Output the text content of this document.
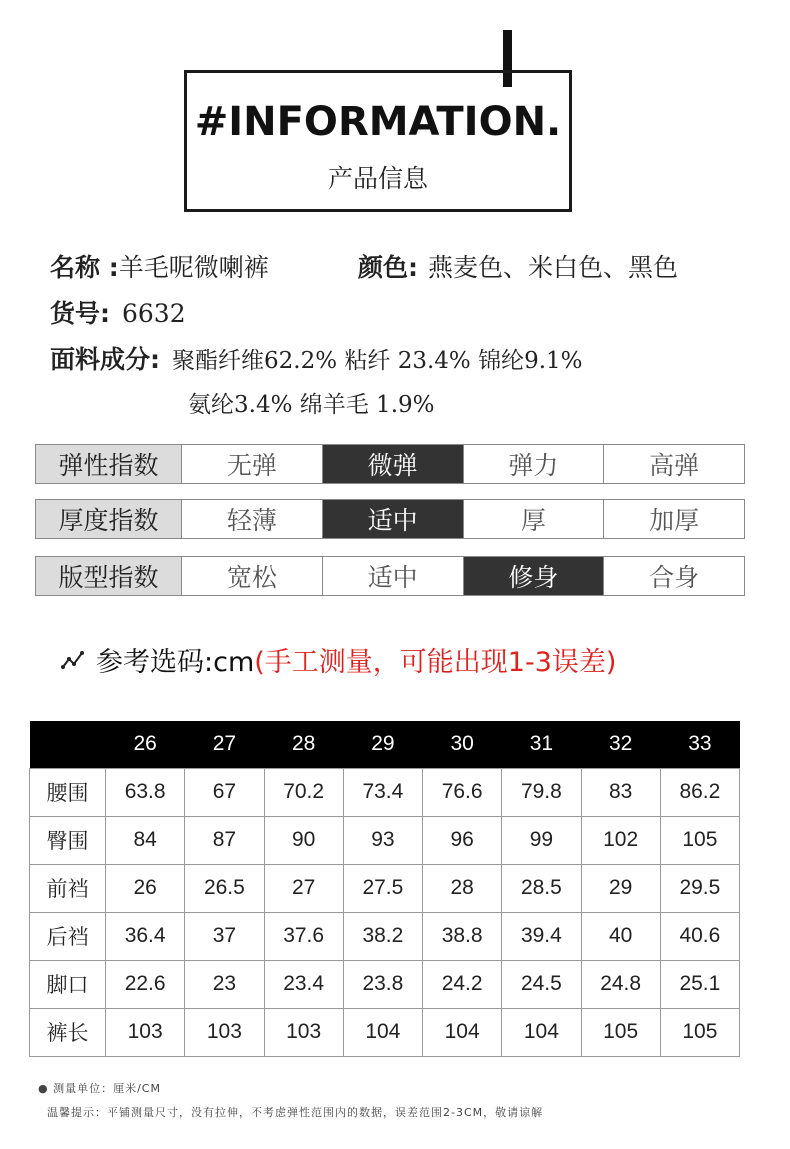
#INFORMATION.
产品信息
名称 :羊毛呢微喇裤	颜色: 燕麦色、米白色、黑色
货号: 6632
面料成分: 聚酯纤维62.2% 粘纤 23.4% 锦纶9.1%
氨纶3.4% 绵羊毛 1.9%
弹性指数	无弹	微弹	弹力	高弹
厚度指数	轻薄	适中	厚	加厚
版型指数	宽松	适中	修身	合身
参考选码:cm (手工测量，可能出现1-3误差)
	26	27	28	29	30	31	32	33
腰围	63.8	67	70.2	73.4	76.6	79.8	83	86.2
臀围	84	87	90	93	96	99	102	105
前裆	26	26.5	27	27.5	28	28.5	29	29.5
后裆	36.4	37	37.6	38.2	38.8	39.4	40	40.6
脚口	22.6	23	23.4	23.8	24.2	24.5	24.8	25.1
裤长	103	103	103	104	104	104	105	105
● 测量单位：厘米/CM
温馨提示：平铺测量尺寸，没有拉伸，不考虑弹性范围内的数据，误差范围2-3CM，敬请谅解
